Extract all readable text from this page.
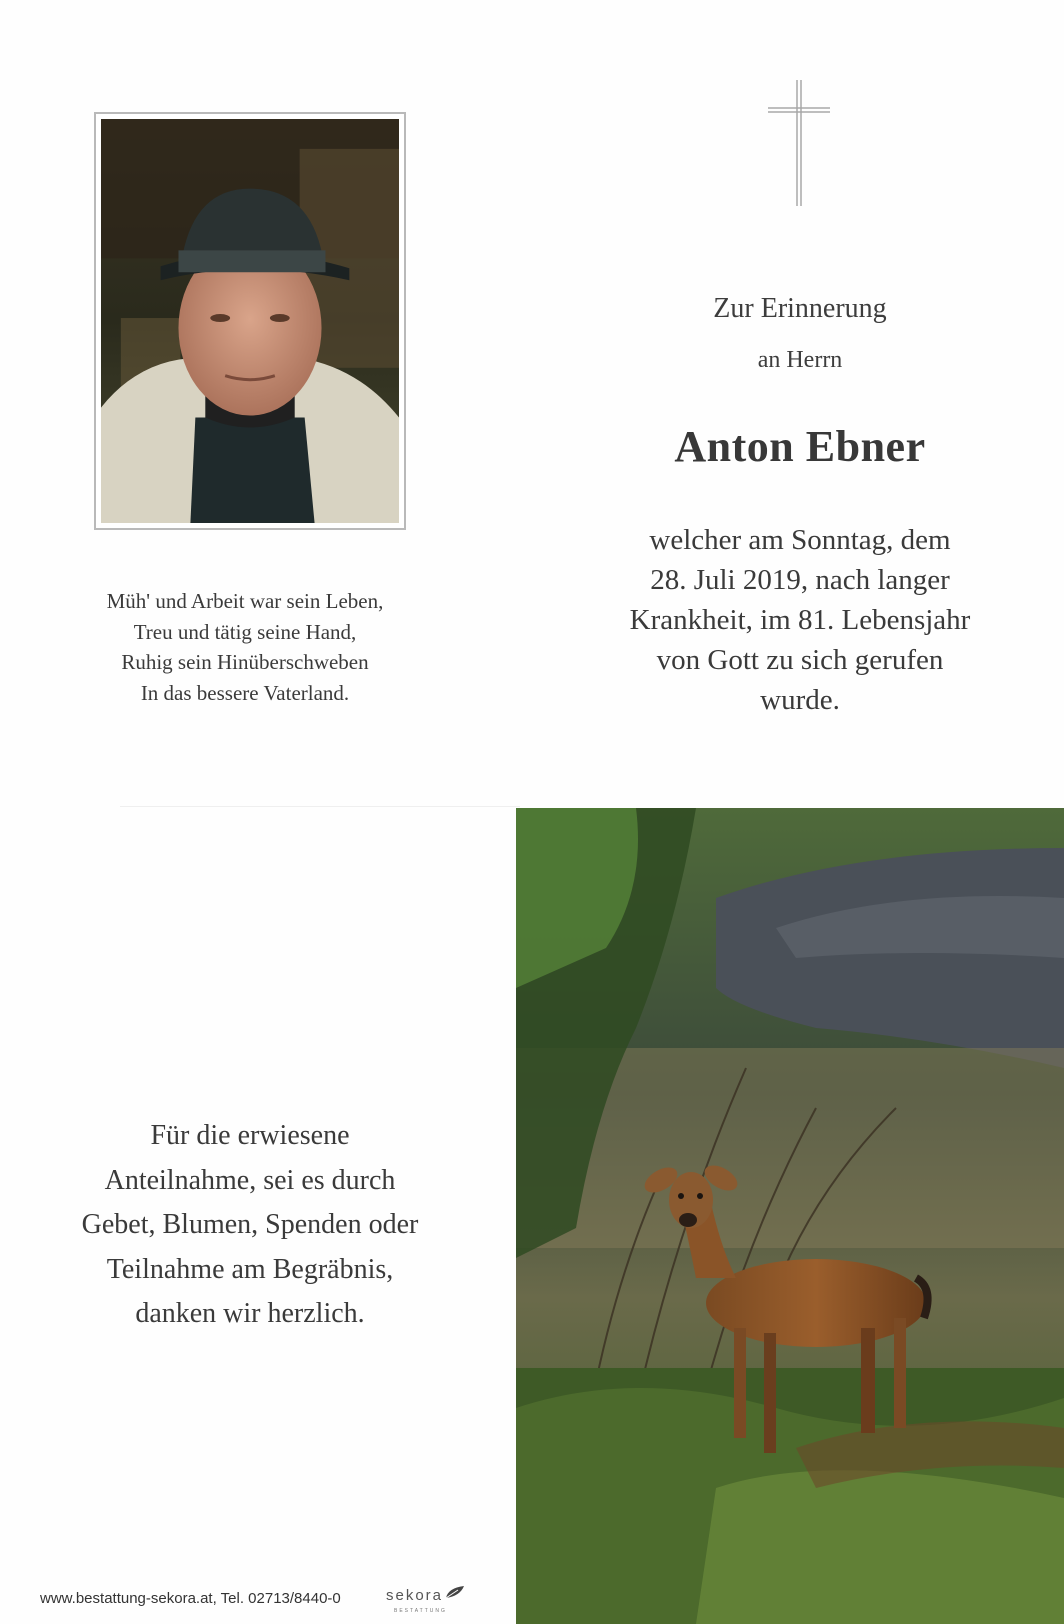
Müh' und Arbeit war sein Leben,
Treu und tätig seine Hand,
Ruhig sein Hinüberschweben
In das bessere Vaterland.
Zur Erinnerung
an Herrn
Anton Ebner
welcher am Sonntag, dem
28. Juli 2019, nach langer
Krankheit, im 81. Lebensjahr
von Gott zu sich gerufen
wurde.
Für die erwiesene
Anteilnahme, sei es durch
Gebet, Blumen, Spenden oder
Teilnahme am Begräbnis,
danken wir herzlich.
www.bestattung-sekora.at, Tel. 02713/8440-0	sekora
BESTATTUNG
